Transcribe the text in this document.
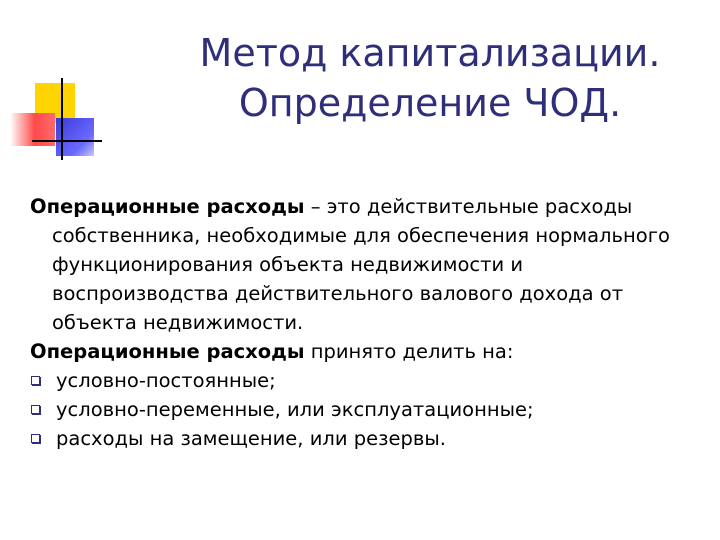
Метод капитализации.
Определение ЧОД.

Операционные расходы – это действительные расходы собственника, необходимые для обеспечения нормального функционирования объекта недвижимости и воспроизводства действительного валового дохода от объекта недвижимости.

Операционные расходы принято делить на:

условно-постоянные;
условно-переменные, или эксплуатационные;
расходы на замещение, или резервы.
